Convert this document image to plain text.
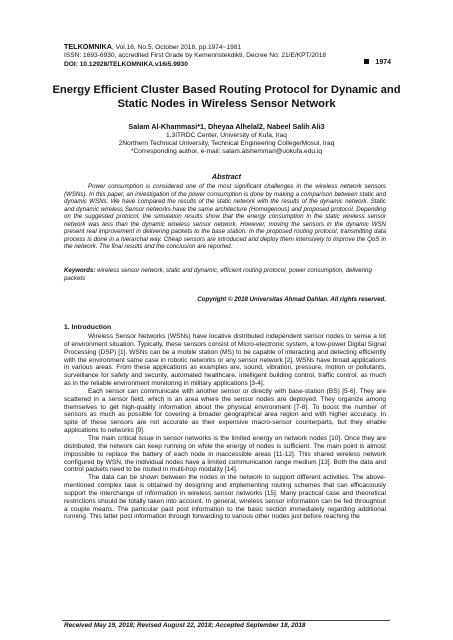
TELKOMNIKA, Vol.16, No.5, October 2018, pp.1974~1981
ISSN: 1693-6930, accredited First Grade by Kemenristekdikti, Decree No: 21/E/KPT/2018
DOI: 10.12928/TELKOMNIKA.v16i5.9930	1974
Energy Efficient Cluster Based Routing Protocol for Dynamic and Static Nodes in Wireless Sensor Network
Salam Al-Khammasi*1, Dheyaa Alhelal2, Nabeel Salih Ali3
1,3ITRDC Center, University of Kufa, Iraq
2Northern Technical University, Technical Engineering College/Mosul, Iraq
*Corresponding author, e-mail: salam.alshemmari@uokufa.edu.iq
Abstract
Power consumption is considered one of the most significant challenges in the wireless network sensors (WSNs). In this paper, an investigation of the power consumption is done by making a comparison between static and dynamic WSNs. We have compared the results of the static network with the results of the dynamic network. Static and dynamic wireless Sensor networks have the same architecture (Homogenous) and proposed protocol. Depending on the suggested protocol, the simulation results show that the energy consumption in the static wireless sensor network was less than the dynamic wireless sensor network. However, moving the sensors in the dynamic WSN present real improvement in delivering packets to the base station. In the proposed routing protocol, transmitting data process is done in a hierarchal way. Cheap sensors are introduced and deploy them intensively to improve the QoS in the network. The final results and the conclusion are reported.
Keywords: wireless sensor network, static and dynamic, efficient routing protocol, power consumption, delivering packets
Copyright © 2018 Universitas Ahmad Dahlan. All rights reserved.
1. Introduction

Wireless Sensor Networks (WSNs) have locative distributed independent sensor nodes to sense a lot of environment situation. Typically, these sensors consist of Micro-electronic system, a low-power Digital Signal Processing (DSP) [1]. WSNs can be a mobile station (MS) to be capable of interacting and detecting efficiently with the environment same case in robotic networks or any sensor network [2]. WSNs have broad applications in various areas. From these applications as examples are, sound, vibration, pressure, motion or pollutants, surveillance for safety and security, automated healthcare, intelligent building control, traffic control, as much as in the reliable environment monitoring in military applications [3-4].

Each sensor can communicate with another sensor or directly with base-station (BS) [5-6]. They are scattered in a sensor field, which is an area where the sensor nodes are deployed. They organize among themselves to get high-quality information about the physical environment [7-8]. To boost the number of sensors as much as possible for covering a broader geographical area region and with higher accuracy. In spite of these sensors are not accurate as their expensive macro-sensor counterparts, but they enable applications to networks [9].

The main critical issue in sensor networks is the limited energy on network nodes [10]. Once they are distributed, the network can keep running on while the energy of nodes is sufficient. The main point is almost impossible to replace the battery of each node in inaccessible areas [11-12]. This shared wireless network configured by WSN, the individual nodes have a limited communication range medium [13]. Both the data and control packets need to be routed in multi-hop modality [14].

The data can be shown between the nodes in the network to support different activities. The above-mentioned complex task is obtained by designing and implementing routing schemes that can efficaciously support the interchange of information in wireless sensor networks [15]. Many practical case and theoretical restrictions should be totally taken into account. In general, wireless sensor information can be fed throughout a couple means. The particular past post information to the basic section immediately regarding additional running. This latter post information through forwarding to various other nodes just before reaching the

Received May 19, 2018; Revised August 22, 2018; Accepted September 18, 2018
